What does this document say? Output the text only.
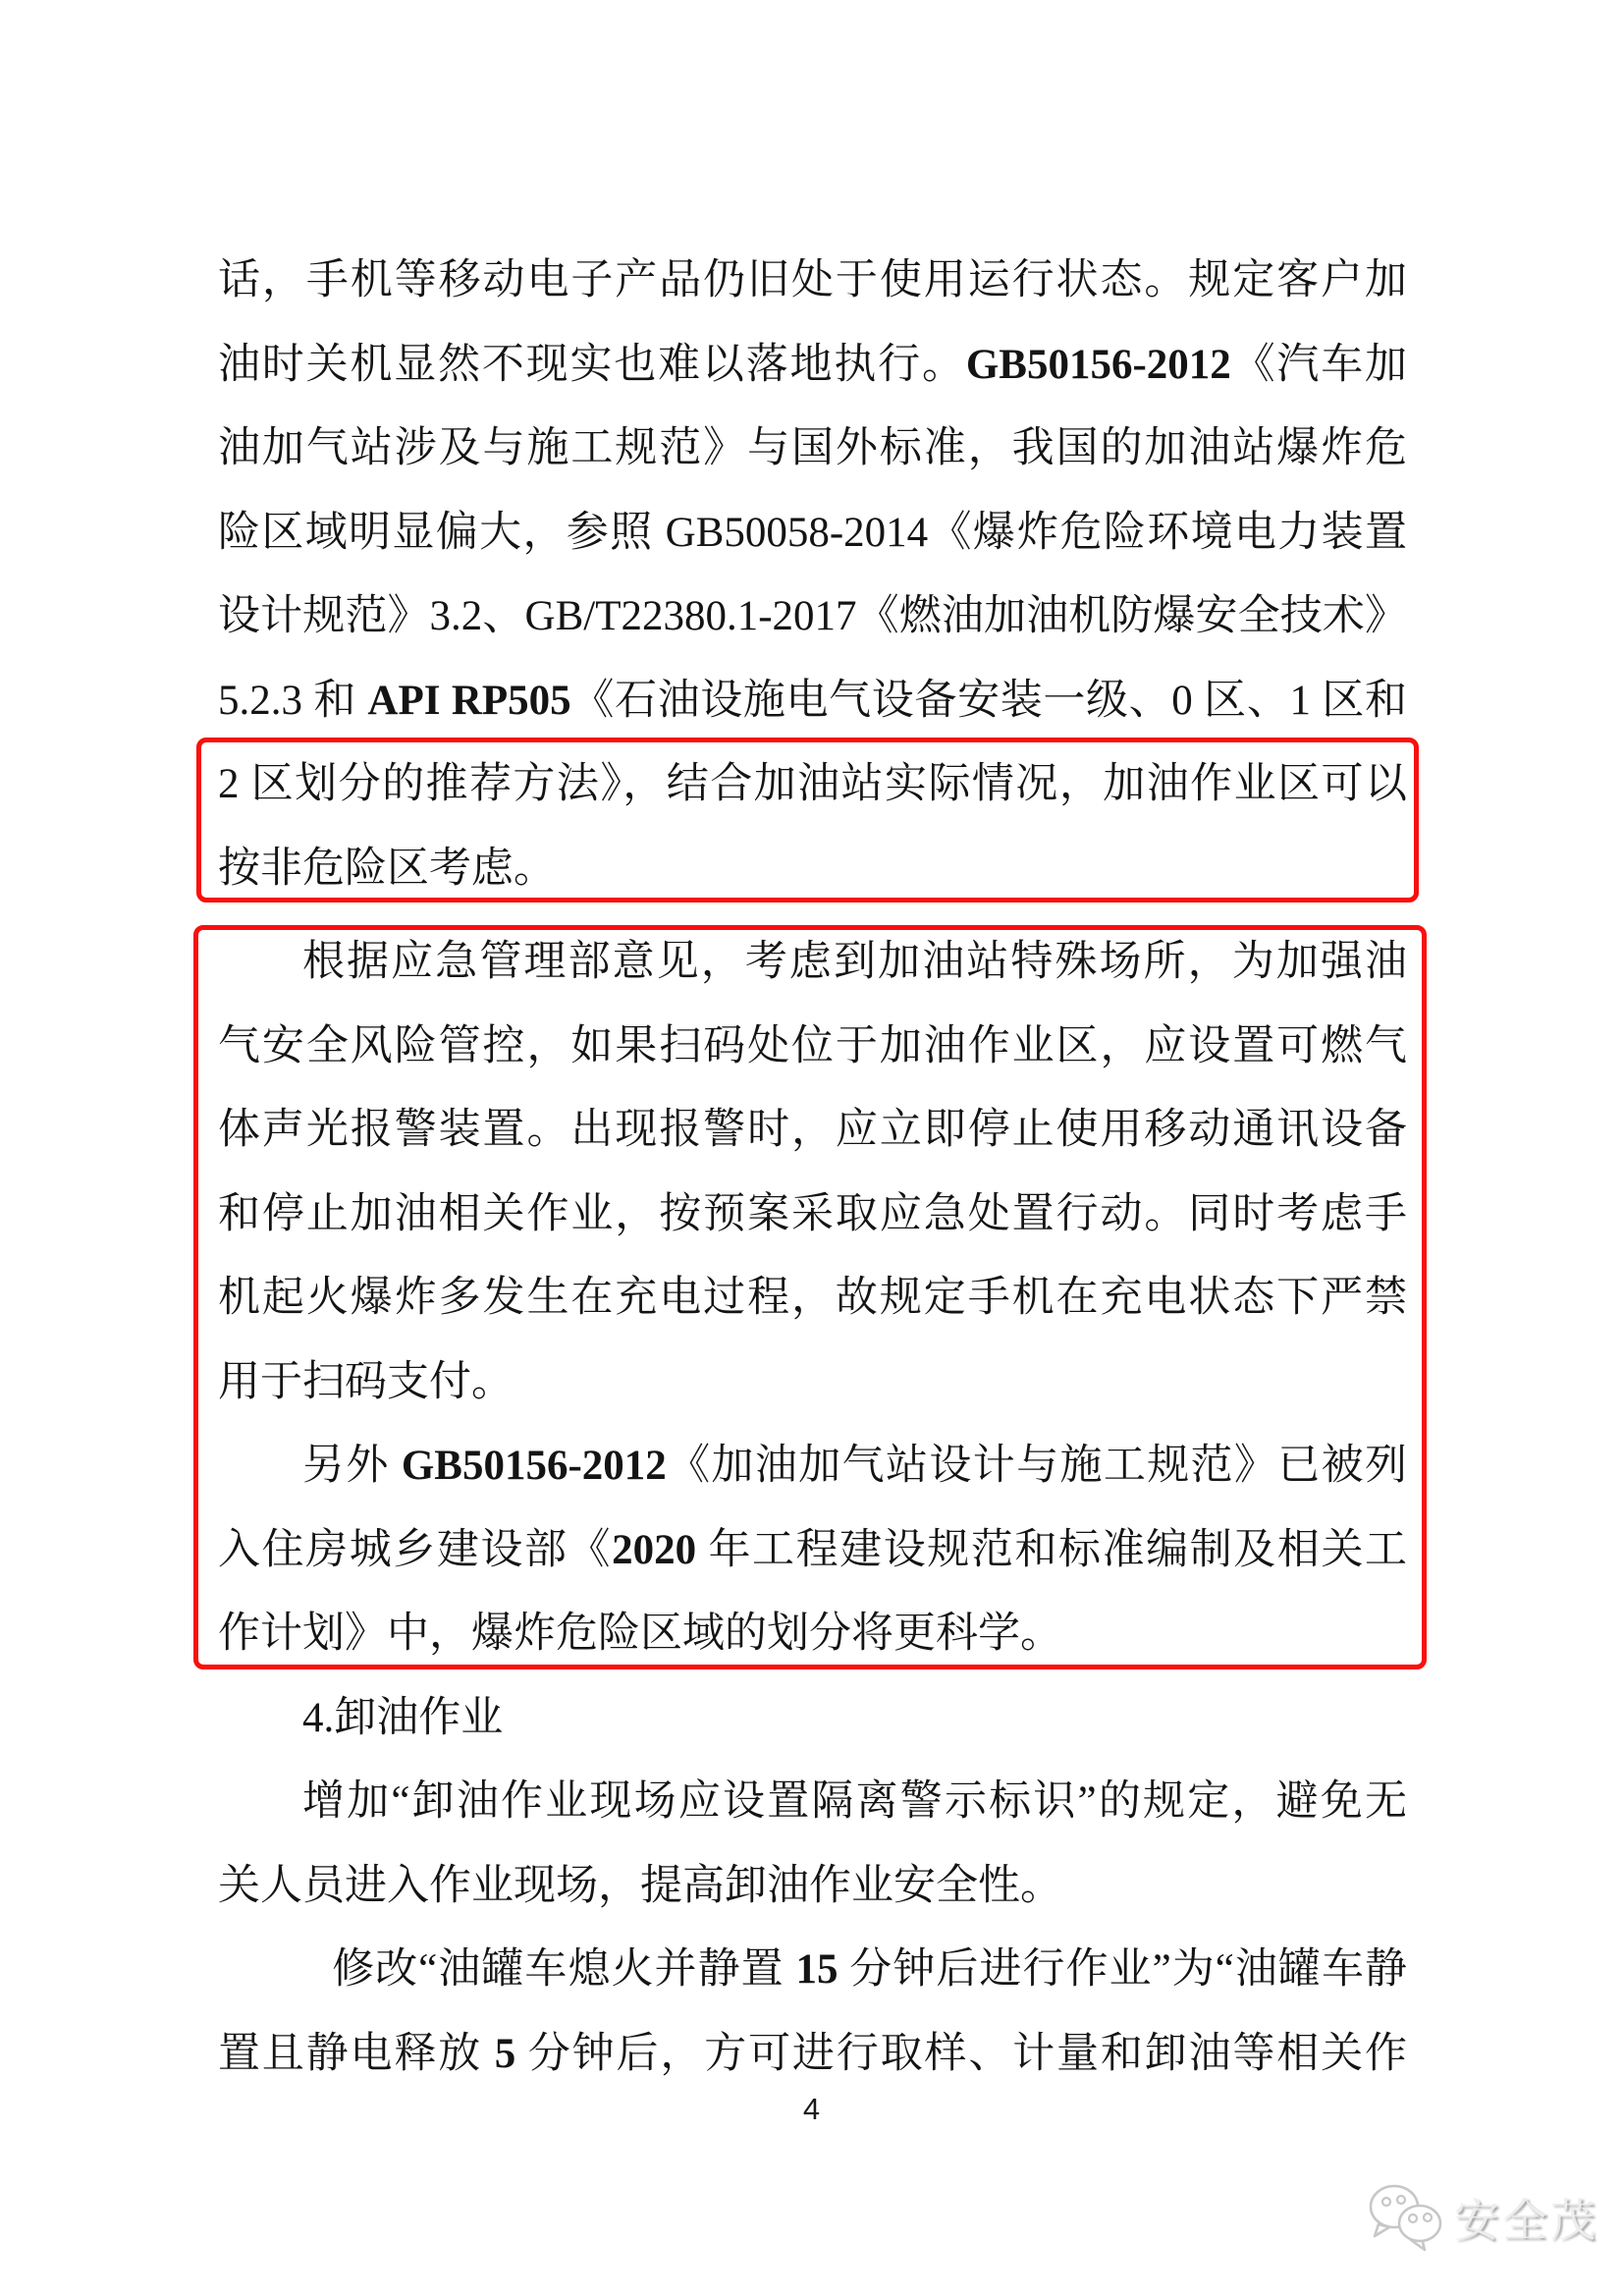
话，手机等移动电子产品仍旧处于使用运行状态。规定客户加
油时关机显然不现实也难以落地执行。GB50156-2012《汽车加
油加气站涉及与施工规范》与国外标准，我国的加油站爆炸危
险区域明显偏大，参照 GB50058-2014《爆炸危险环境电力装置
设计规范》3.2、GB/T22380.1-2017《燃油加油机防爆安全技术》
5.2.3 和 API RP505《石油设施电气设备安装一级、0 区、1 区和
2 区划分的推荐方法》，结合加油站实际情况，加油作业区可以
按非危险区考虑。
根据应急管理部意见，考虑到加油站特殊场所，为加强油
气安全风险管控，如果扫码处位于加油作业区，应设置可燃气
体声光报警装置。出现报警时，应立即停止使用移动通讯设备
和停止加油相关作业，按预案采取应急处置行动。同时考虑手
机起火爆炸多发生在充电过程，故规定手机在充电状态下严禁
用于扫码支付。
另外 GB50156-2012《加油加气站设计与施工规范》已被列
入住房城乡建设部《2020 年工程建设规范和标准编制及相关工
作计划》中，爆炸危险区域的划分将更科学。
4.卸油作业
增加“卸油作业现场应设置隔离警示标识”的规定，避免无
关人员进入作业现场，提高卸油作业安全性。
修改“油罐车熄火并静置 15 分钟后进行作业”为“油罐车静
置且静电释放 5 分钟后，方可进行取样、计量和卸油等相关作
4
安全茂
